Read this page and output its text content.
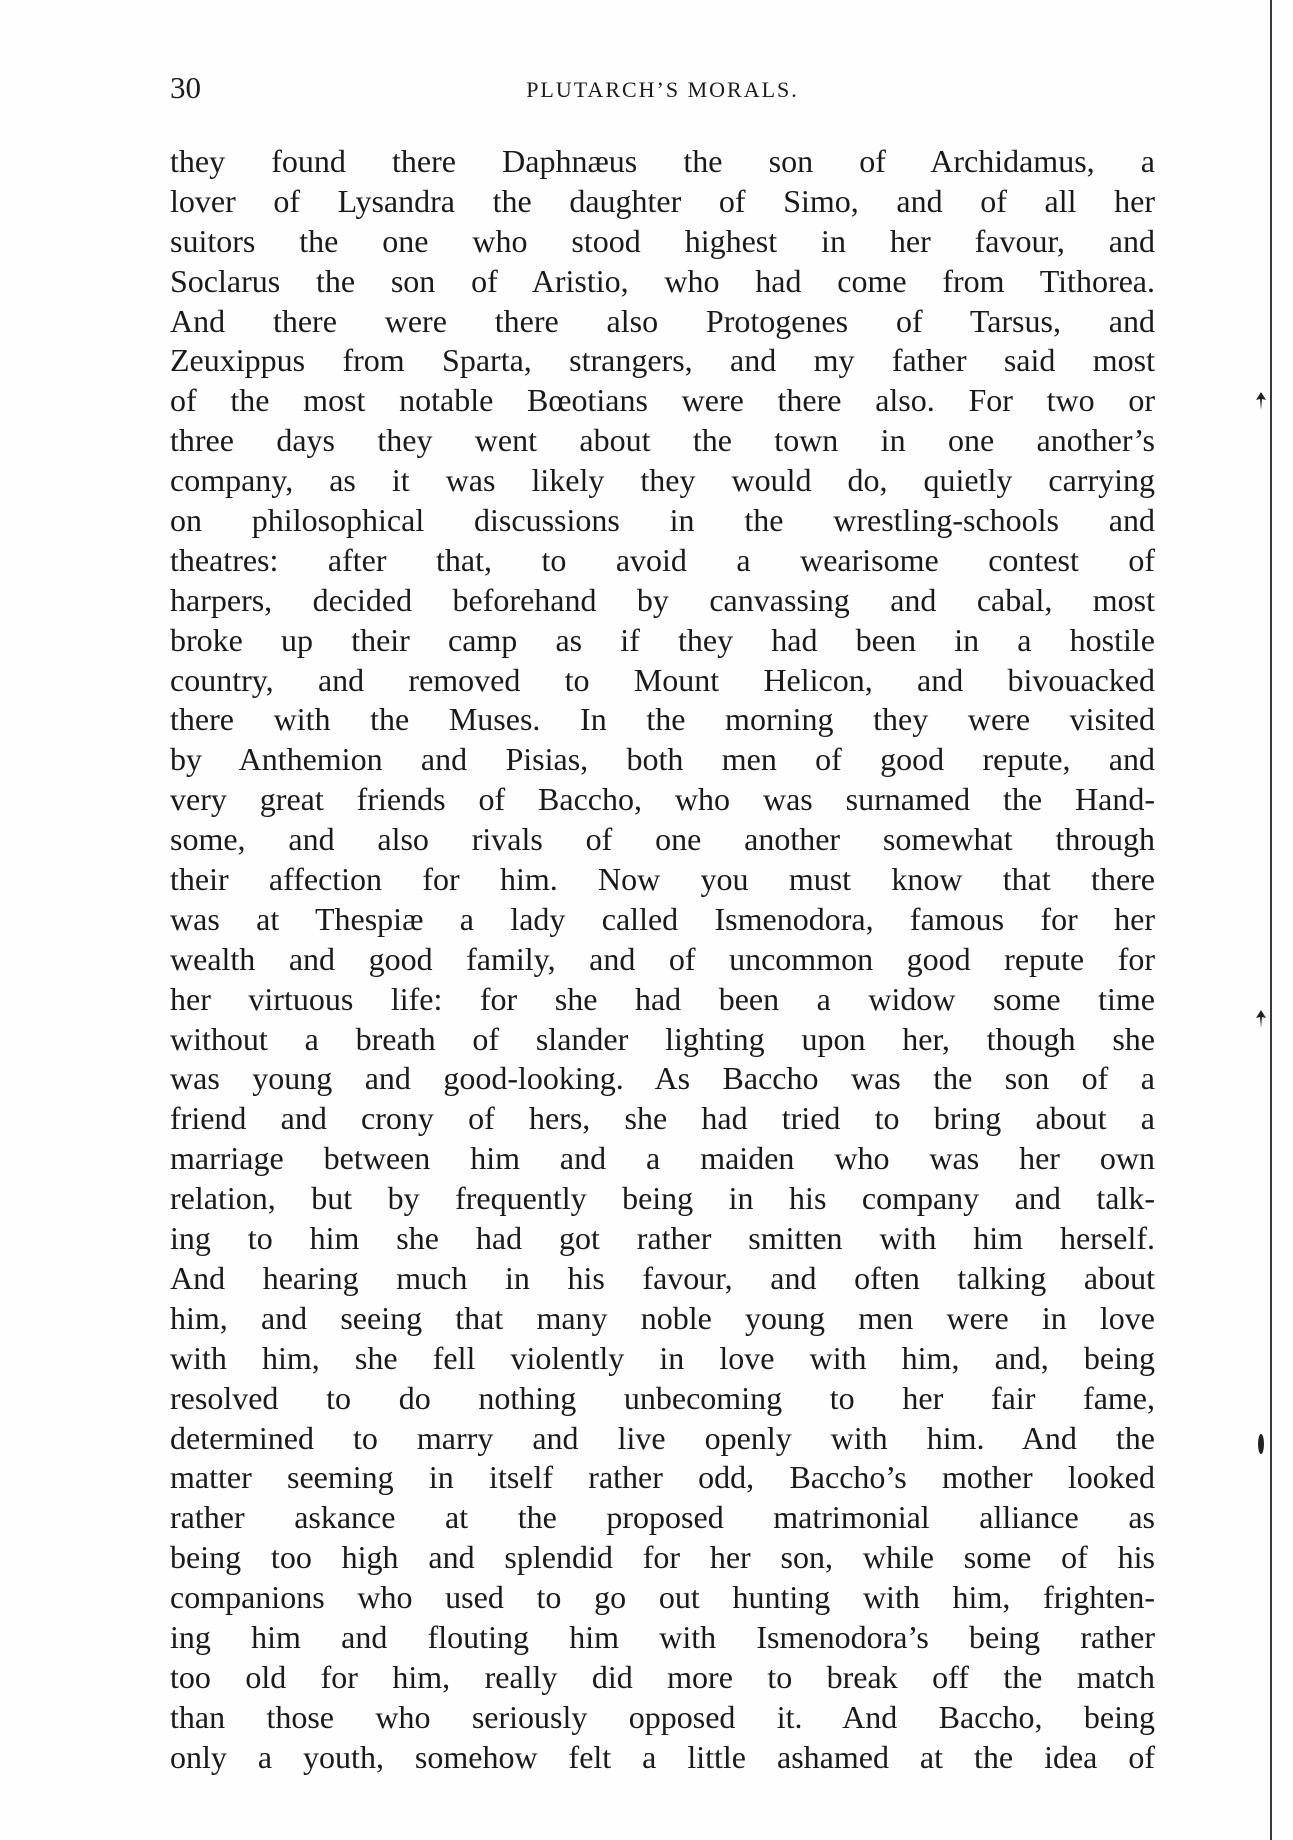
30	PLUTARCH’S MORALS.
they found there Daphnæus the son of Archidamus, a
lover of Lysandra the daughter of Simo, and of all her
suitors the one who stood highest in her favour, and
Soclarus the son of Aristio, who had come from Tithorea.
And there were there also Protogenes of Tarsus, and
Zeuxippus from Sparta, strangers, and my father said most
of the most notable Bœotians were there also. For two or
three days they went about the town in one another’s
company, as it was likely they would do, quietly carrying
on philosophical discussions in the wrestling-schools and
theatres: after that, to avoid a wearisome contest of
harpers, decided beforehand by canvassing and cabal, most
broke up their camp as if they had been in a hostile
country, and removed to Mount Helicon, and bivouacked
there with the Muses. In the morning they were visited
by Anthemion and Pisias, both men of good repute, and
very great friends of Baccho, who was surnamed the Hand-
some, and also rivals of one another somewhat through
their affection for him. Now you must know that there
was at Thespiæ a lady called Ismenodora, famous for her
wealth and good family, and of uncommon good repute for
her virtuous life: for she had been a widow some time
without a breath of slander lighting upon her, though she
was young and good-looking. As Baccho was the son of a
friend and crony of hers, she had tried to bring about a
marriage between him and a maiden who was her own
relation, but by frequently being in his company and talk-
ing to him she had got rather smitten with him herself.
And hearing much in his favour, and often talking about
him, and seeing that many noble young men were in love
with him, she fell violently in love with him, and, being
resolved to do nothing unbecoming to her fair fame,
determined to marry and live openly with him. And the
matter seeming in itself rather odd, Baccho’s mother looked
rather askance at the proposed matrimonial alliance as
being too high and splendid for her son, while some of his
companions who used to go out hunting with him, frighten-
ing him and flouting him with Ismenodora’s being rather
too old for him, really did more to break off the match
than those who seriously opposed it. And Baccho, being
only a youth, somehow felt a little ashamed at the idea of
